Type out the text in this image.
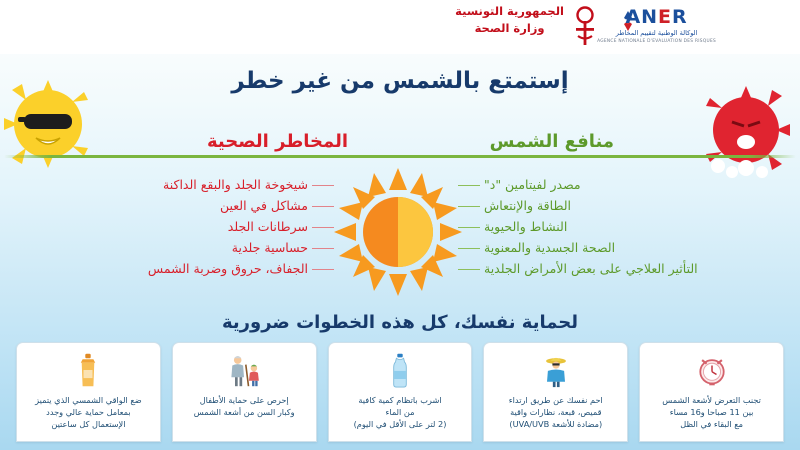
الجمهورية التونسية
وزارة الصحة
ANER
الوكالة الوطنية لتقييم المخاطر
AGENCE NATIONALE D'EVALUATION DES RISQUES
إستمتع بالشمس من غير خطر
منافع الشمس
المخاطر الصحية
مصدر لفيتامين "د"
الطاقة والإنتعاش
النشاط والحيوية
الصحة الجسدية والمعنوية
التأثير العلاجي على بعض الأمراض الجلدية
شيخوخة الجلد والبقع الداكنة
مشاكل في العين
سرطانات الجلد
حساسية جلدية
الجفاف، حروق وضربة الشمس
لحماية نفسك، كل هذه الخطوات ضرورية
تجنب التعرض لأشعة الشمس
بين 11 صباحا و16 مساء
مع البقاء في الظل
احم نفسك عن طريق ارتداء
قميص، قبعة، نظارات واقية
(مضادة للأشعة UVA/UVB)
اشرب باتظام كمية كافية
من الماء
(2 لتر على الأقل في اليوم)
إحرص على حماية الأطفال
وكبار السن من أشعة الشمس
ضع الواقي الشمسي الذي يتميز
بمعامل حماية عالي وجدد
الإستعمال كل ساعتين
